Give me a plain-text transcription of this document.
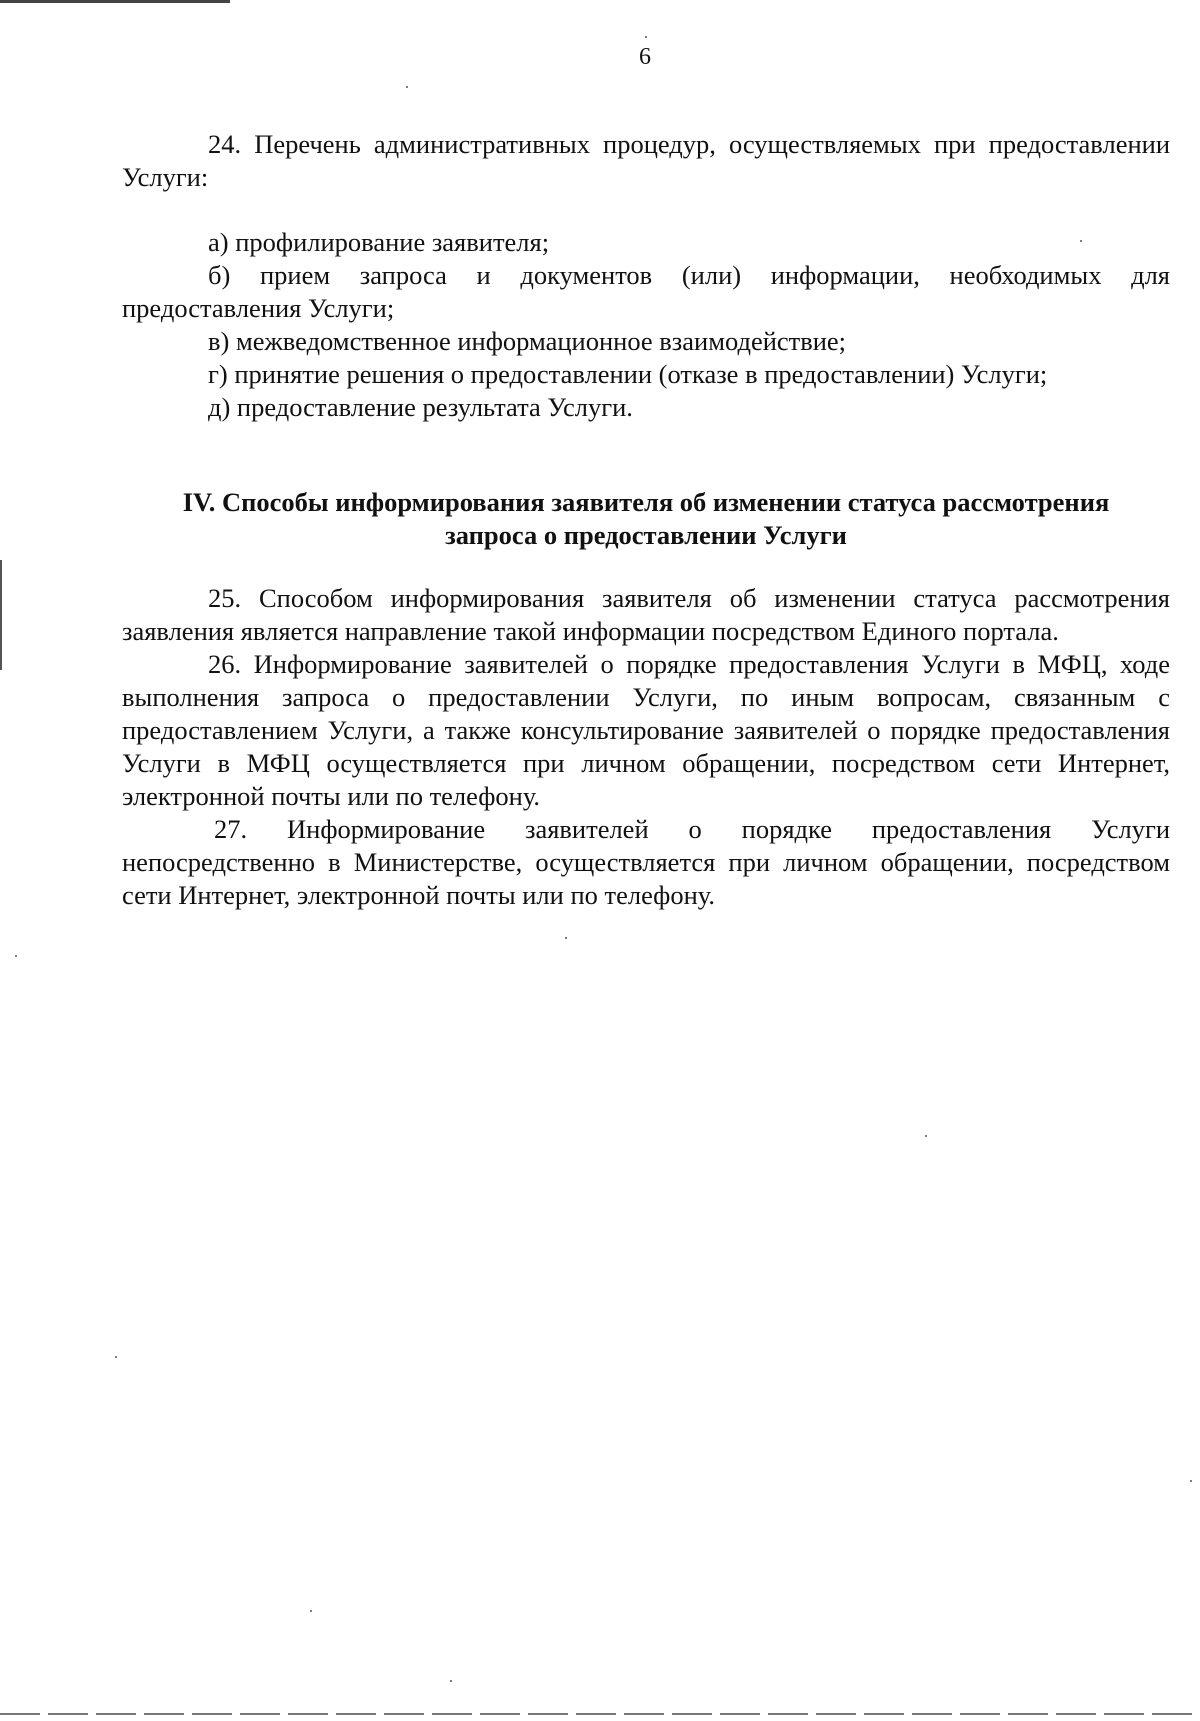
6

24. Перечень административных процедур, осуществляемых при предоставлении Услуги:

а) профилирование заявителя;

б) прием запроса и документов (или) информации, необходимых для предоставления Услуги;

в) межведомственное информационное взаимодействие;

г) принятие решения о предоставлении (отказе в предоставлении) Услуги;

д) предоставление результата Услуги.

IV. Способы информирования заявителя об изменении статуса рассмотрения
запроса о предоставлении Услуги

25. Способом информирования заявителя об изменении статуса рассмотрения заявления является направление такой информации посредством Единого портала.

26. Информирование заявителей о порядке предоставления Услуги в МФЦ, ходе выполнения запроса о предоставлении Услуги, по иным вопросам, связанным с предоставлением Услуги, а также консультирование заявителей о порядке предоставления Услуги в МФЦ осуществляется при личном обращении, посредством сети Интернет, электронной почты или по телефону.

27. Информирование заявителей о порядке предоставления Услуги непосредственно в Министерстве, осуществляется при личном обращении, посредством сети Интернет, электронной почты или по телефону.
